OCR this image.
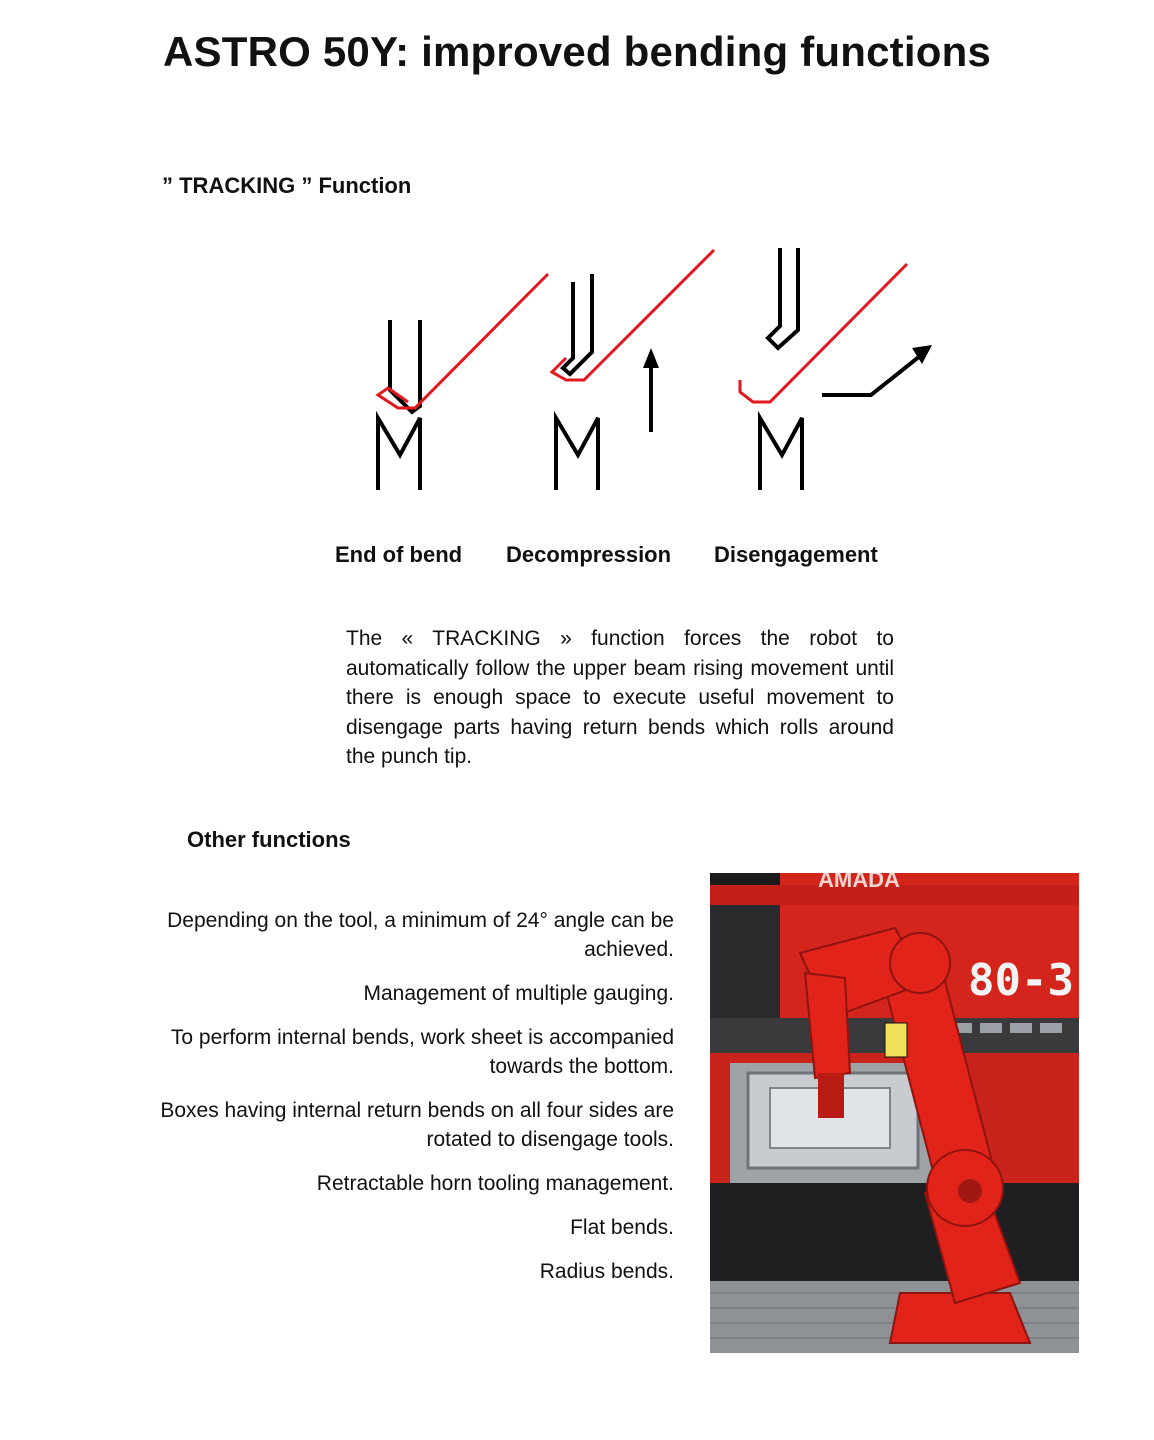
ASTRO 50Y: improved bending functions
” TRACKING ” Function
End of bend Decompression Disengagement
The « TRACKING » function forces the robot to automatically follow the upper beam rising movement until there is enough space to execute useful movement to disengage parts having return bends which rolls around the punch tip.
Other functions
Depending on the tool, a minimum of 24° angle can be achieved.
Management of multiple gauging.
To perform internal bends, work sheet is accompanied towards the bottom.
Boxes having internal return bends on all four sides are rotated to disengage tools.
Retractable horn tooling management.
Flat bends.
Radius bends.
AMADA
80-3
